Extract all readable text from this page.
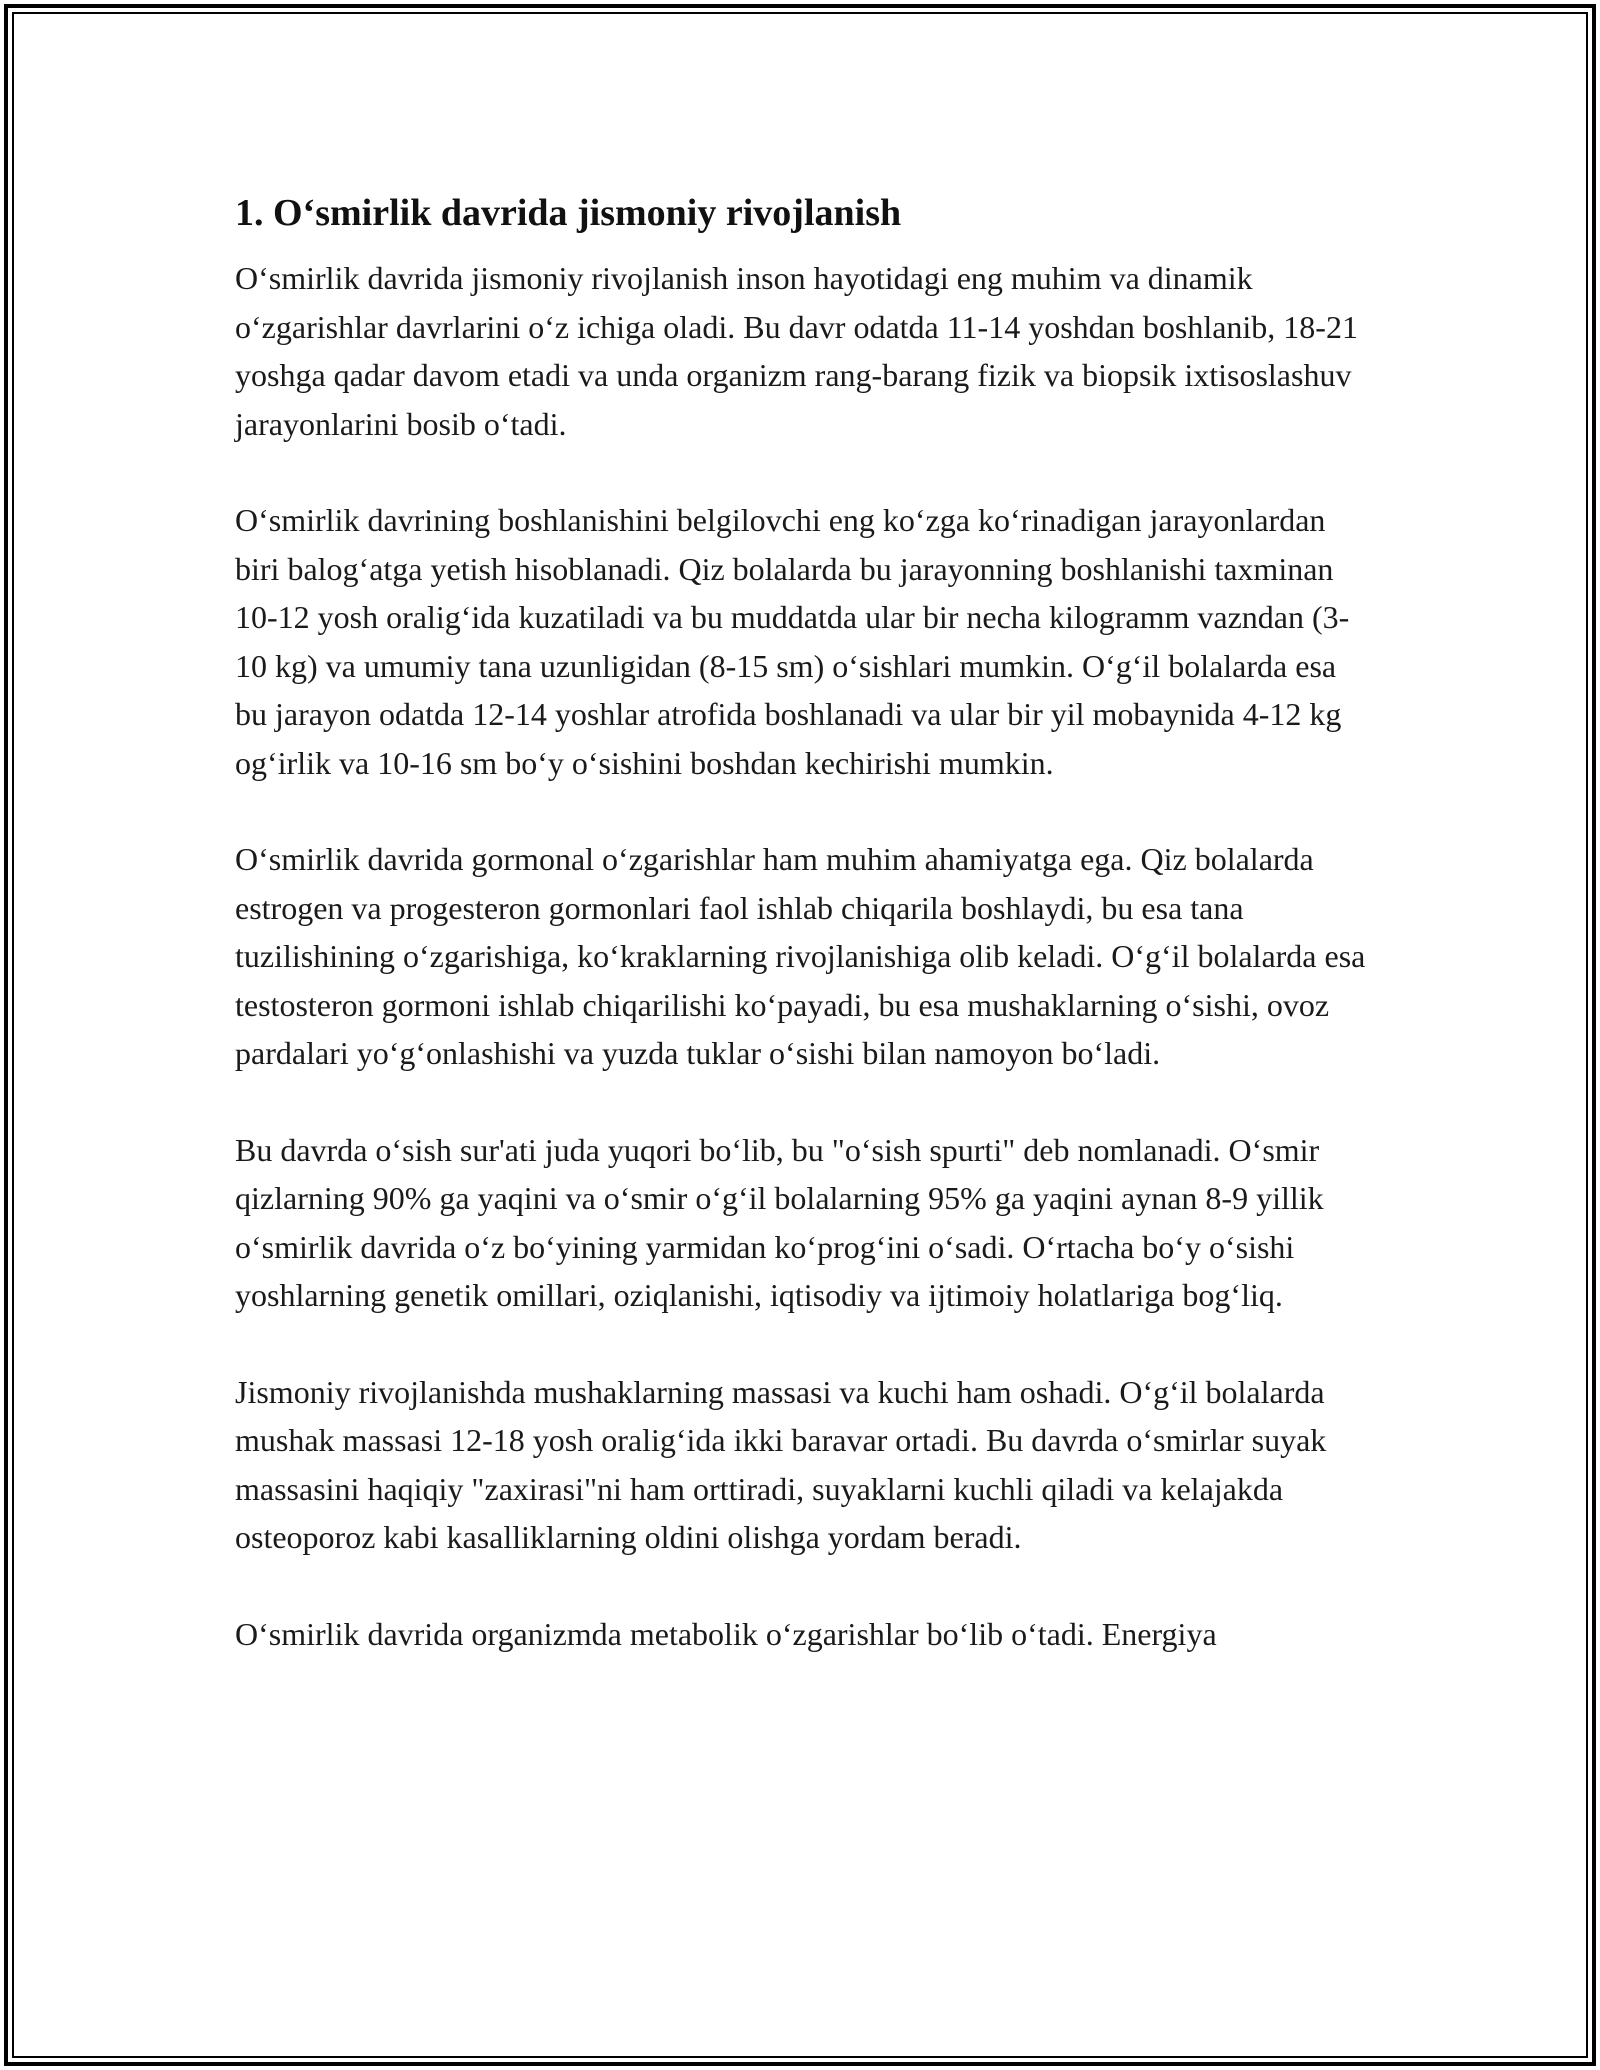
1. O‘smirlik davrida jismoniy rivojlanish

O‘smirlik davrida jismoniy rivojlanish inson hayotidagi eng muhim va dinamik o‘zgarishlar davrlarini o‘z ichiga oladi. Bu davr odatda 11-14 yoshdan boshlanib, 18-21 yoshga qadar davom etadi va unda organizm rang-barang fizik va biopsik ixtisoslashuv jarayonlarini bosib o‘tadi.

O‘smirlik davrining boshlanishini belgilovchi eng ko‘zga ko‘rinadigan jarayonlardan biri balog‘atga yetish hisoblanadi. Qiz bolalarda bu jarayonning boshlanishi taxminan 10-12 yosh oralig‘ida kuzatiladi va bu muddatda ular bir necha kilogramm vazndan (3-10 kg) va umumiy tana uzunligidan (8-15 sm) o‘sishlari mumkin. O‘g‘il bolalarda esa bu jarayon odatda 12-14 yoshlar atrofida boshlanadi va ular bir yil mobaynida 4-12 kg og‘irlik va 10-16 sm bo‘y o‘sishini boshdan kechirishi mumkin.

O‘smirlik davrida gormonal o‘zgarishlar ham muhim ahamiyatga ega. Qiz bolalarda estrogen va progesteron gormonlari faol ishlab chiqarila boshlaydi, bu esa tana tuzilishining o‘zgarishiga, ko‘kraklarning rivojlanishiga olib keladi. O‘g‘il bolalarda esa testosteron gormoni ishlab chiqarilishi ko‘payadi, bu esa mushaklarning o‘sishi, ovoz pardalari yo‘g‘onlashishi va yuzda tuklar o‘sishi bilan namoyon bo‘ladi.

Bu davrda o‘sish sur'ati juda yuqori bo‘lib, bu "o‘sish spurti" deb nomlanadi. O‘smir qizlarning 90% ga yaqini va o‘smir o‘g‘il bolalarning 95% ga yaqini aynan 8-9 yillik o‘smirlik davrida o‘z bo‘yining yarmidan ko‘prog‘ini o‘sadi. O‘rtacha bo‘y o‘sishi yoshlarning genetik omillari, oziqlanishi, iqtisodiy va ijtimoiy holatlariga bog‘liq.

Jismoniy rivojlanishda mushaklarning massasi va kuchi ham oshadi. O‘g‘il bolalarda mushak massasi 12-18 yosh oralig‘ida ikki baravar ortadi. Bu davrda o‘smirlar suyak massasini haqiqiy "zaxirasi"ni ham orttiradi, suyaklarni kuchli qiladi va kelajakda osteoporoz kabi kasalliklarning oldini olishga yordam beradi.

O‘smirlik davrida organizmda metabolik o‘zgarishlar bo‘lib o‘tadi. Energiya
